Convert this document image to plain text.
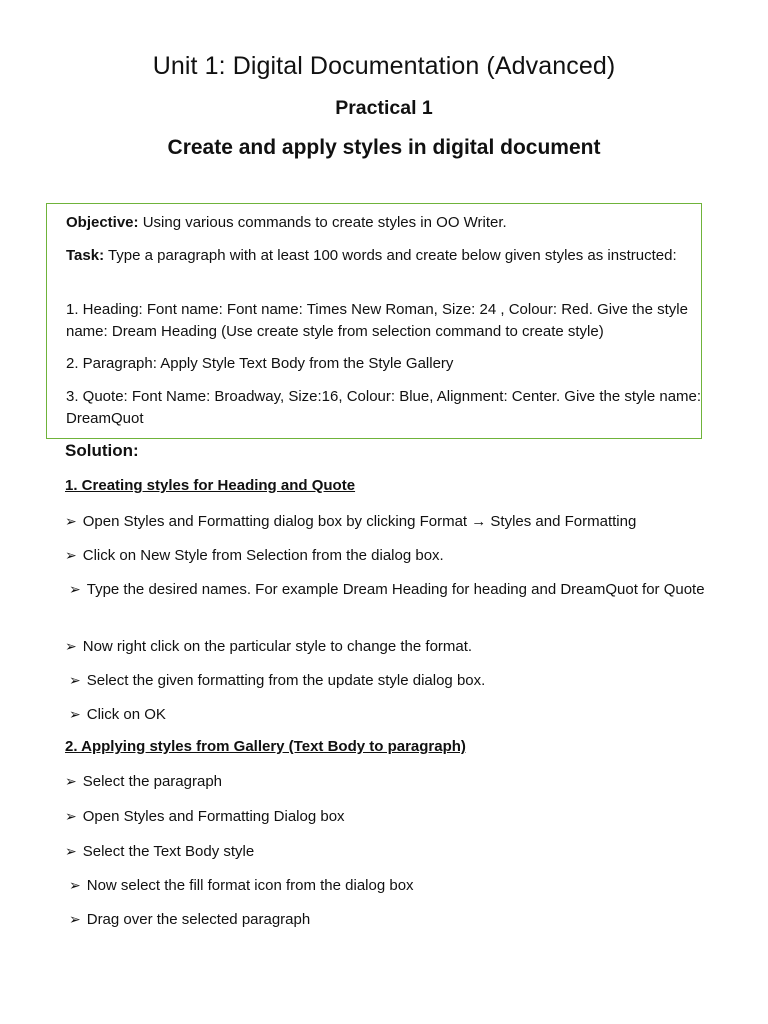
Unit 1: Digital Documentation (Advanced)
Practical 1
Create and apply styles in digital document

Objective: Using various commands to create styles in OO Writer.

Task: Type a paragraph with at least 100 words and create below given styles as instructed:

1. Heading: Font name: Font name: Times New Roman, Size: 24 , Colour: Red. Give the style name: Dream Heading (Use create style from selection command to create style)

2. Paragraph: Apply Style Text Body from the Style Gallery

3. Quote: Font Name: Broadway, Size:16, Colour: Blue, Alignment: Center. Give the style name: DreamQuot

Solution:

1. Creating styles for Heading and Quote

➢ Open Styles and Formatting dialog box by clicking Format → Styles and Formatting

➢ Click on New Style from Selection from the dialog box.

➢ Type the desired names. For example Dream Heading for heading and DreamQuot for Quote

➢ Now right click on the particular style to change the format.

➢ Select the given formatting from the update style dialog box.

➢ Click on OK

2. Applying styles from Gallery (Text Body to paragraph)

➢ Select the paragraph

➢ Open Styles and Formatting Dialog box

➢ Select the Text Body style

➢ Now select the fill format icon from the dialog box

➢ Drag over the selected paragraph
